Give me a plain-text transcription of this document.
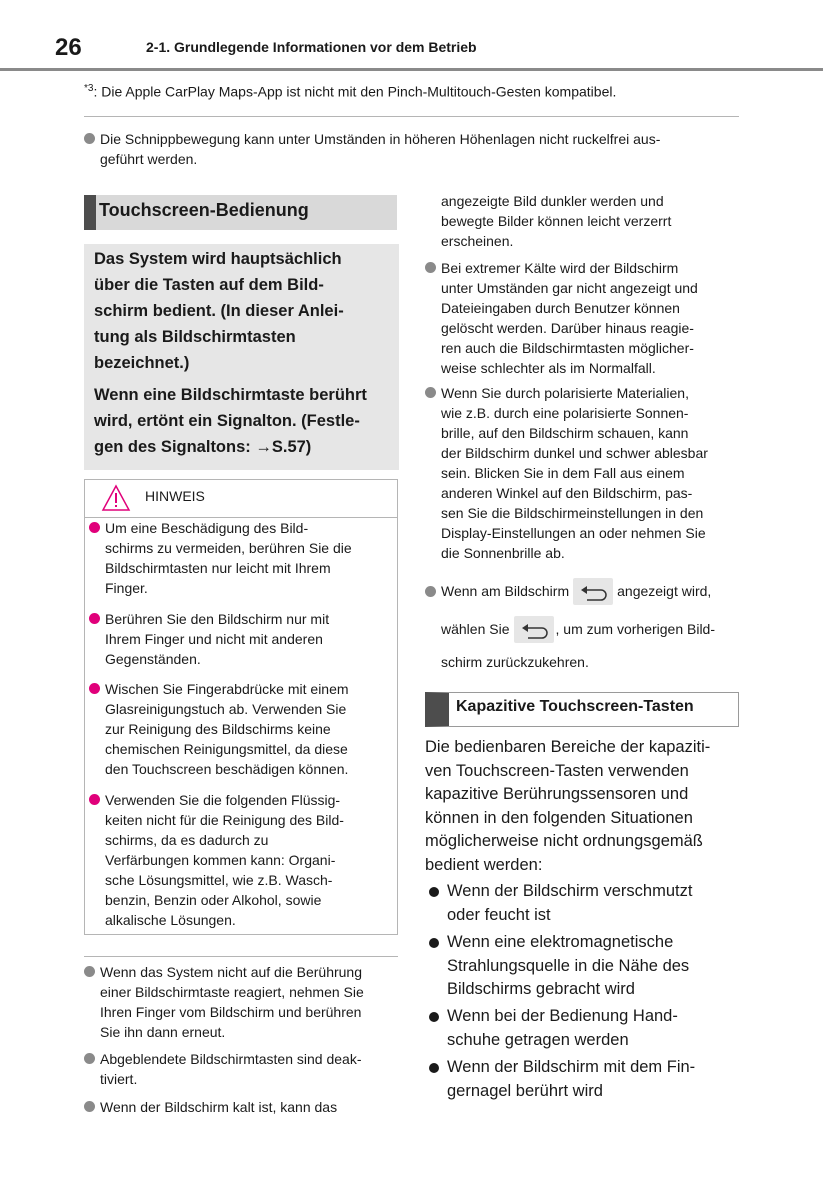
26	2-1. Grundlegende Informationen vor dem Betrieb
$^{*3}$: Die Apple CarPlay Maps-App ist nicht mit den Pinch-Multitouch-Gesten kompatibel.
Die Schnippbewegung kann unter Umständen in höheren Höhenlagen nicht ruckelfrei aus-
geführt werden.
Touchscreen-Bedienung

Das System wird hauptsächlich
über die Tasten auf dem Bild-
schirm bedient. (In dieser Anlei-
tung als Bildschirmtasten
bezeichnet.)

Wenn eine Bildschirmtaste berührt
wird, ertönt ein Signalton. (Festle-
gen des Signaltons: →S.57)

HINWEIS
Um eine Beschädigung des Bild-
schirms zu vermeiden, berühren Sie die
Bildschirmtasten nur leicht mit Ihrem
Finger.
Berühren Sie den Bildschirm nur mit
Ihrem Finger und nicht mit anderen
Gegenständen.
Wischen Sie Fingerabdrücke mit einem
Glasreinigungstuch ab. Verwenden Sie
zur Reinigung des Bildschirms keine
chemischen Reinigungsmittel, da diese
den Touchscreen beschädigen können.
Verwenden Sie die folgenden Flüssig-
keiten nicht für die Reinigung des Bild-
schirms, da es dadurch zu
Verfärbungen kommen kann: Organi-
sche Lösungsmittel, wie z.B. Wasch-
benzin, Benzin oder Alkohol, sowie
alkalische Lösungen.
Wenn das System nicht auf die Berührung
einer Bildschirmtaste reagiert, nehmen Sie
Ihren Finger vom Bildschirm und berühren
Sie ihn dann erneut.
Abgeblendete Bildschirmtasten sind deak-
tiviert.
Wenn der Bildschirm kalt ist, kann das
angezeigte Bild dunkler werden und
bewegte Bilder können leicht verzerrt
erscheinen.
Bei extremer Kälte wird der Bildschirm
unter Umständen gar nicht angezeigt und
Dateieingaben durch Benutzer können
gelöscht werden. Darüber hinaus reagie-
ren auch die Bildschirmtasten möglicher-
weise schlechter als im Normalfall.
Wenn Sie durch polarisierte Materialien,
wie z.B. durch eine polarisierte Sonnen-
brille, auf den Bildschirm schauen, kann
der Bildschirm dunkel und schwer ablesbar
sein. Blicken Sie in dem Fall aus einem
anderen Winkel auf den Bildschirm, pas-
sen Sie die Bildschirmeinstellungen in den
Display-Einstellungen an oder nehmen Sie
die Sonnenbrille ab.
Wenn am Bildschirm	angezeigt wird,
wählen Sie	, um zum vorherigen Bild-
schirm zurückzukehren.
Kapazitive Touchscreen-Tasten
Die bedienbaren Bereiche der kapaziti-
ven Touchscreen-Tasten verwenden
kapazitive Berührungssensoren und
können in den folgenden Situationen
möglicherweise nicht ordnungsgemäß
bedient werden:
Wenn der Bildschirm verschmutzt
oder feucht ist
Wenn eine elektromagnetische
Strahlungsquelle in die Nähe des
Bildschirms gebracht wird
Wenn bei der Bedienung Hand-
schuhe getragen werden
Wenn der Bildschirm mit dem Fin-
gernagel berührt wird
